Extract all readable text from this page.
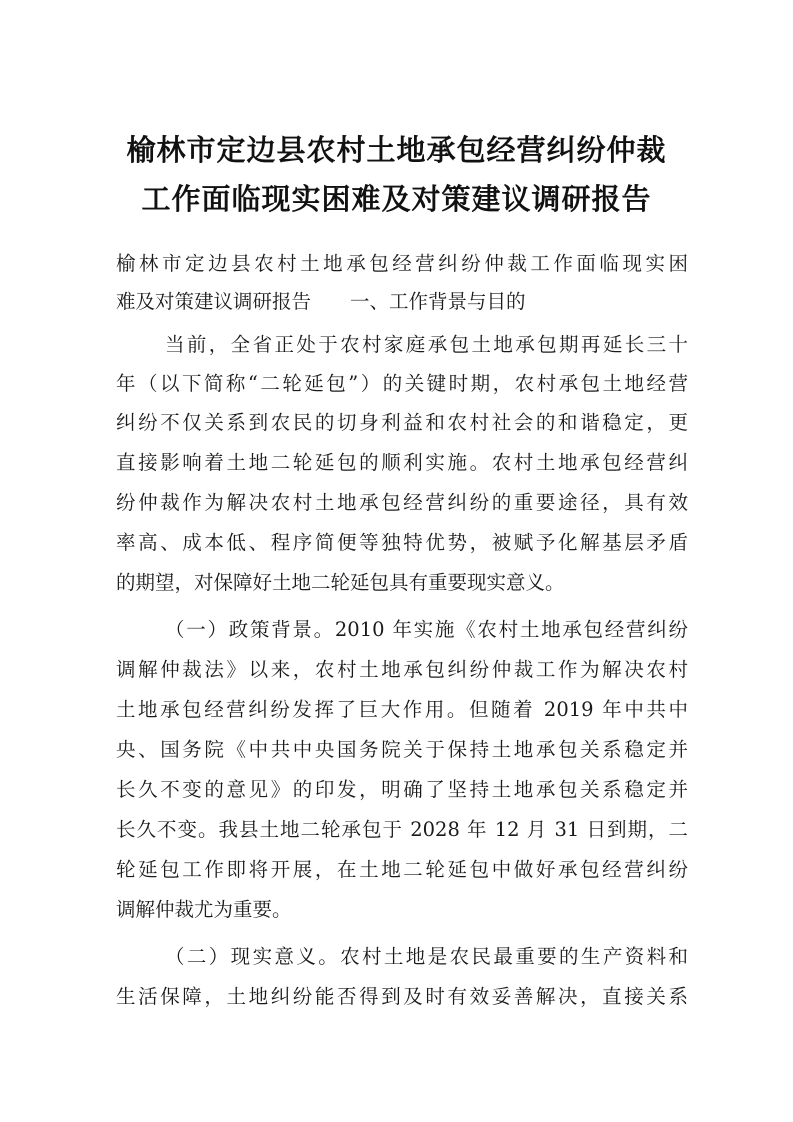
榆林市定边县农村土地承包经营纠纷仲裁
工作面临现实困难及对策建议调研报告
榆林市定边县农村土地承包经营纠纷仲裁工作面临现实困
难及对策建议调研报告　　一、工作背景与目的
当前，全省正处于农村家庭承包土地承包期再延长三十
年（以下简称“二轮延包”）的关键时期，农村承包土地经营
纠纷不仅关系到农民的切身利益和农村社会的和谐稳定，更
直接影响着土地二轮延包的顺利实施。农村土地承包经营纠
纷仲裁作为解决农村土地承包经营纠纷的重要途径，具有效
率高、成本低、程序简便等独特优势，被赋予化解基层矛盾
的期望，对保障好土地二轮延包具有重要现实意义。
（一）政策背景。2010 年实施《农村土地承包经营纠纷
调解仲裁法》以来，农村土地承包纠纷仲裁工作为解决农村
土地承包经营纠纷发挥了巨大作用。但随着 2019 年中共中
央、国务院《中共中央国务院关于保持土地承包关系稳定并
长久不变的意见》的印发，明确了坚持土地承包关系稳定并
长久不变。我县土地二轮承包于 2028 年 12 月 31 日到期，二
轮延包工作即将开展，在土地二轮延包中做好承包经营纠纷
调解仲裁尤为重要。
（二）现实意义。农村土地是农民最重要的生产资料和
生活保障，土地纠纷能否得到及时有效妥善解决，直接关系
